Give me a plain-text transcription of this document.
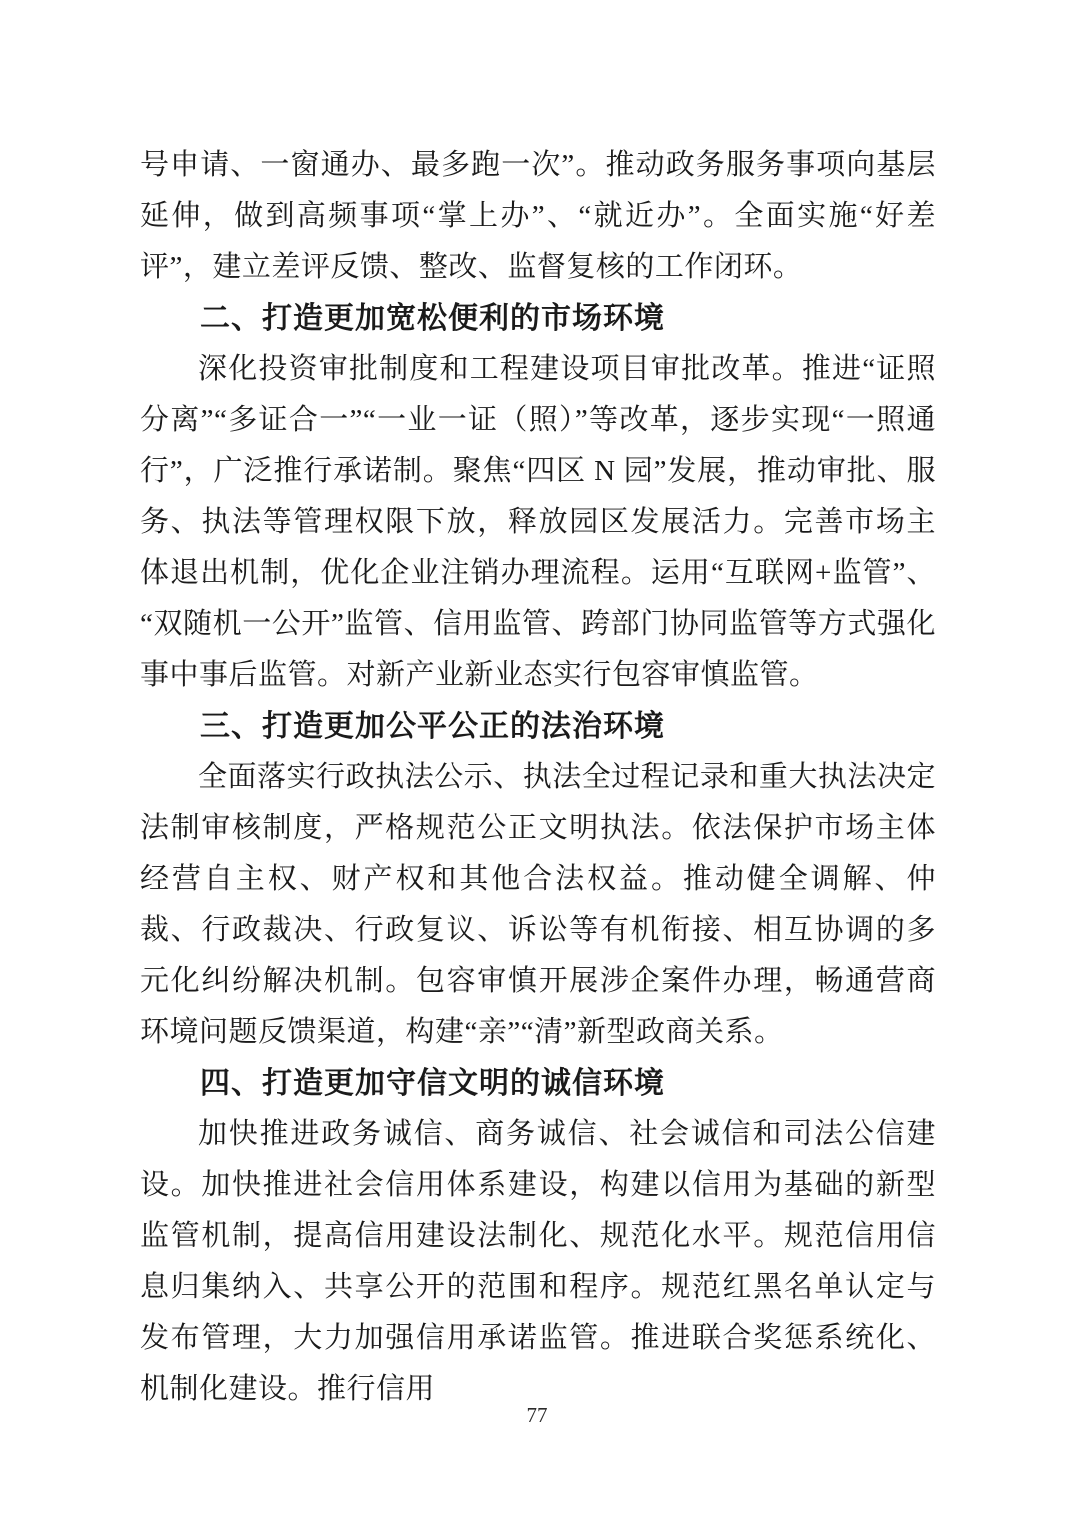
号申请、一窗通办、最多跑一次”。推动政务服务事项向基层延伸，做到高频事项“掌上办”、“就近办”。全面实施“好差评”，建立差评反馈、整改、监督复核的工作闭环。

二、打造更加宽松便利的市场环境

深化投资审批制度和工程建设项目审批改革。推进“证照分离”“多证合一”“一业一证（照）”等改革，逐步实现“一照通行”，广泛推行承诺制。聚焦“四区 N 园”发展，推动审批、服务、执法等管理权限下放，释放园区发展活力。完善市场主体退出机制，优化企业注销办理流程。运用“互联网+监管”、“双随机一公开”监管、信用监管、跨部门协同监管等方式强化事中事后监管。对新产业新业态实行包容审慎监管。

三、打造更加公平公正的法治环境

全面落实行政执法公示、执法全过程记录和重大执法决定法制审核制度，严格规范公正文明执法。依法保护市场主体经营自主权、财产权和其他合法权益。推动健全调解、仲裁、行政裁决、行政复议、诉讼等有机衔接、相互协调的多元化纠纷解决机制。包容审慎开展涉企案件办理，畅通营商环境问题反馈渠道，构建“亲”“清”新型政商关系。

四、打造更加守信文明的诚信环境

加快推进政务诚信、商务诚信、社会诚信和司法公信建设。加快推进社会信用体系建设，构建以信用为基础的新型监管机制，提高信用建设法制化、规范化水平。规范信用信息归集纳入、共享公开的范围和程序。规范红黑名单认定与发布管理，大力加强信用承诺监管。推进联合奖惩系统化、机制化建设。推行信用

77
